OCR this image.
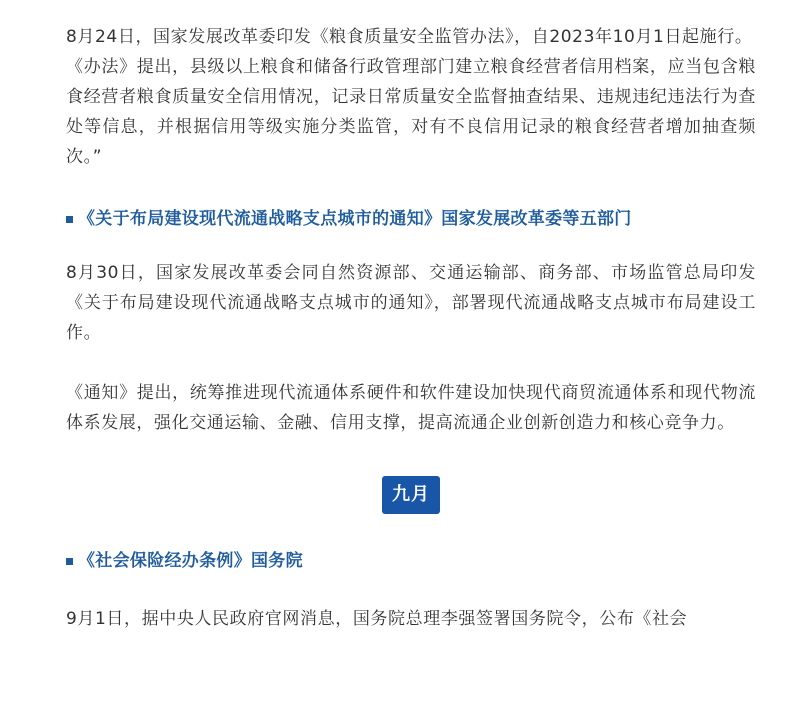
8月24日，国家发展改革委印发《粮食质量安全监管办法》，自2023年10月1日起施行。

《办法》提出，县级以上粮食和储备行政管理部门建立粮食经营者信用档案，应当包含粮食经营者粮食质量安全信用情况，记录日常质量安全监督抽查结果、违规违纪违法行为查处等信息，并根据信用等级实施分类监管，对有不良信用记录的粮食经营者增加抽查频次。”

《关于布局建设现代流通战略支点城市的通知》国家发展改革委等五部门

8月30日，国家发展改革委会同自然资源部、交通运输部、商务部、市场监管总局印发《关于布局建设现代流通战略支点城市的通知》，部署现代流通战略支点城市布局建设工作。

《通知》提出，统筹推进现代流通体系硬件和软件建设加快现代商贸流通体系和现代物流体系发展，强化交通运输、金融、信用支撑，提高流通企业创新创造力和核心竞争力。

九月
《社会保险经办条例》国务院

9月1日，据中央人民政府官网消息，国务院总理李强签署国务院令，公布《社会
